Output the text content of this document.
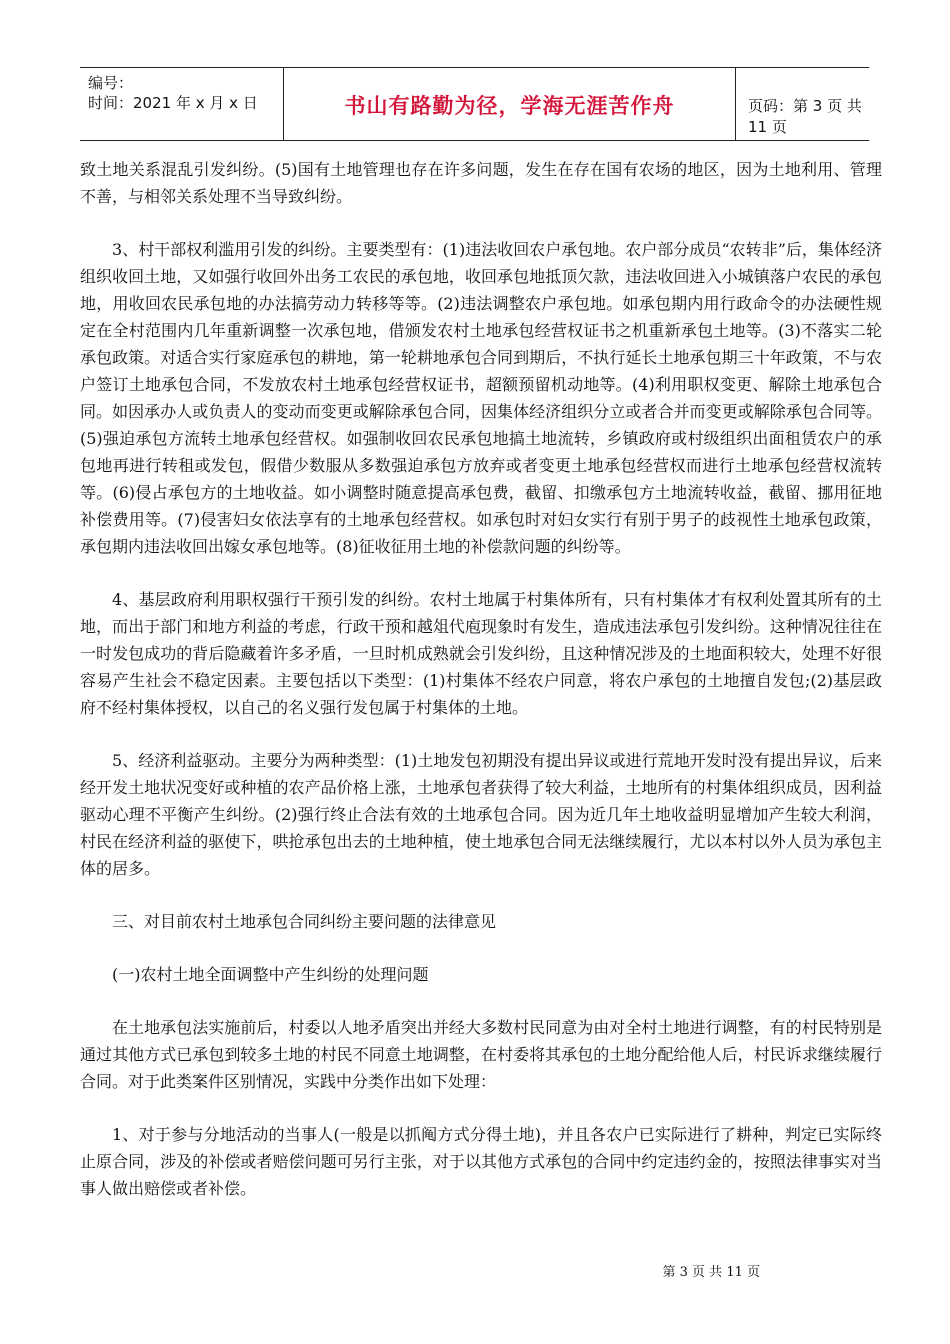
编号：
时间：2021 年 x 月 x 日	书山有路勤为径，学海无涯苦作舟	页码：第 3 页 共 11 页

致土地关系混乱引发纠纷。(5)国有土地管理也存在许多问题，发生在存在国有农场的地区，因为土地利用、管理不善，与相邻关系处理不当导致纠纷。

3、村干部权利滥用引发的纠纷。主要类型有：(1)违法收回农户承包地。农户部分成员“农转非”后，集体经济组织收回土地，又如强行收回外出务工农民的承包地，收回承包地抵顶欠款，违法收回进入小城镇落户农民的承包地，用收回农民承包地的办法搞劳动力转移等等。(2)违法调整农户承包地。如承包期内用行政命令的办法硬性规定在全村范围内几年重新调整一次承包地，借颁发农村土地承包经营权证书之机重新承包土地等。(3)不落实二轮承包政策。对适合实行家庭承包的耕地，第一轮耕地承包合同到期后，不执行延长土地承包期三十年政策，不与农户签订土地承包合同，不发放农村土地承包经营权证书，超额预留机动地等。(4)利用职权变更、解除土地承包合同。如因承办人或负责人的变动而变更或解除承包合同，因集体经济组织分立或者合并而变更或解除承包合同等。(5)强迫承包方流转土地承包经营权。如强制收回农民承包地搞土地流转，乡镇政府或村级组织出面租赁农户的承包地再进行转租或发包，假借少数服从多数强迫承包方放弃或者变更土地承包经营权而进行土地承包经营权流转等。(6)侵占承包方的土地收益。如小调整时随意提高承包费，截留、扣缴承包方土地流转收益，截留、挪用征地补偿费用等。(7)侵害妇女依法享有的土地承包经营权。如承包时对妇女实行有别于男子的歧视性土地承包政策，承包期内违法收回出嫁女承包地等。(8)征收征用土地的补偿款问题的纠纷等。

4、基层政府利用职权强行干预引发的纠纷。农村土地属于村集体所有，只有村集体才有权利处置其所有的土地，而出于部门和地方利益的考虑，行政干预和越俎代庖现象时有发生，造成违法承包引发纠纷。这种情况往往在一时发包成功的背后隐藏着许多矛盾，一旦时机成熟就会引发纠纷，且这种情况涉及的土地面积较大，处理不好很容易产生社会不稳定因素。主要包括以下类型：(1)村集体不经农户同意，将农户承包的土地擅自发包;(2)基层政府不经村集体授权，以自己的名义强行发包属于村集体的土地。

5、经济利益驱动。主要分为两种类型：(1)土地发包初期没有提出异议或进行荒地开发时没有提出异议，后来经开发土地状况变好或种植的农产品价格上涨，土地承包者获得了较大利益，土地所有的村集体组织成员，因利益驱动心理不平衡产生纠纷。(2)强行终止合法有效的土地承包合同。因为近几年土地收益明显增加产生较大利润，村民在经济利益的驱使下，哄抢承包出去的土地种植，使土地承包合同无法继续履行，尤以本村以外人员为承包主体的居多。

三、对目前农村土地承包合同纠纷主要问题的法律意见

(一)农村土地全面调整中产生纠纷的处理问题

在土地承包法实施前后，村委以人地矛盾突出并经大多数村民同意为由对全村土地进行调整，有的村民特别是通过其他方式已承包到较多土地的村民不同意土地调整，在村委将其承包的土地分配给他人后，村民诉求继续履行合同。对于此类案件区别情况，实践中分类作出如下处理：

1、对于参与分地活动的当事人(一般是以抓阄方式分得土地)，并且各农户已实际进行了耕种，判定已实际终止原合同，涉及的补偿或者赔偿问题可另行主张，对于以其他方式承包的合同中约定违约金的，按照法律事实对当事人做出赔偿或者补偿。

第 3 页 共 11 页
